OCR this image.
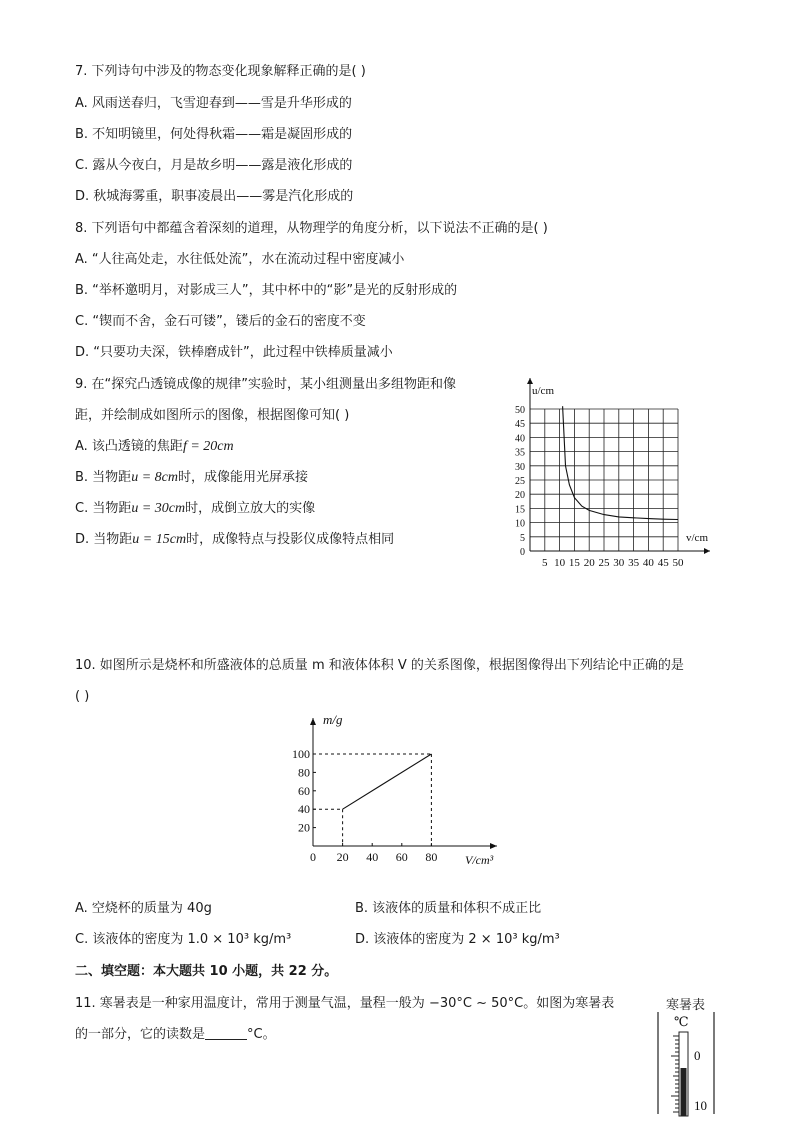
7. 下列诗句中涉及的物态变化现象解释正确的是( )
A. 风雨送春归，飞雪迎春到——雪是升华形成的
B. 不知明镜里，何处得秋霜——霜是凝固形成的
C. 露从今夜白，月是故乡明——露是液化形成的
D. 秋城海雾重，职事凌晨出——雾是汽化形成的
8. 下列语句中都蕴含着深刻的道理，从物理学的角度分析，以下说法不正确的是( )
A. “人往高处走，水往低处流”，水在流动过程中密度减小
B. “举杯邀明月，对影成三人”，其中杯中的“影”是光的反射形成的
C. “锲而不舍，金石可镂”，镂后的金石的密度不变
D. “只要功夫深，铁棒磨成针”，此过程中铁棒质量减小
9. 在“探究凸透镜成像的规律”实验时，某小组测量出多组物距和像
距，并绘制成如图所示的图像，根据图像可知( )
A. 该凸透镜的焦距f = 20cm
B. 当物距u = 8cm时，成像能用光屏承接
C. 当物距u = 30cm时，成倒立放大的实像
D. 当物距u = 15cm时，成像特点与投影仪成像特点相同
0
5
10
15
20
25
30
35
40
45
50
5 10 15 20 25 30 35 40 45 50
u/cm
v/cm
10. 如图所示是烧杯和所盛液体的总质量 m 和液体体积 V 的关系图像，根据图像得出下列结论中正确的是
( )
20
40
60
80
100
0 20 40 60 80
m/g
V/cm³
A. 空烧杯的质量为 40g	B. 该液体的质量和体积不成正比
C. 该液体的密度为 1.0 × 10³ kg/m³	D. 该液体的密度为 2 × 10³ kg/m³
二、填空题：本大题共 10 小题，共 22 分。
11. 寒暑表是一种家用温度计，常用于测量气温，量程一般为 −30°C ~ 50°C。如图为寒暑表
的一部分，它的读数是	°C。
寒暑表
℃
0
10
